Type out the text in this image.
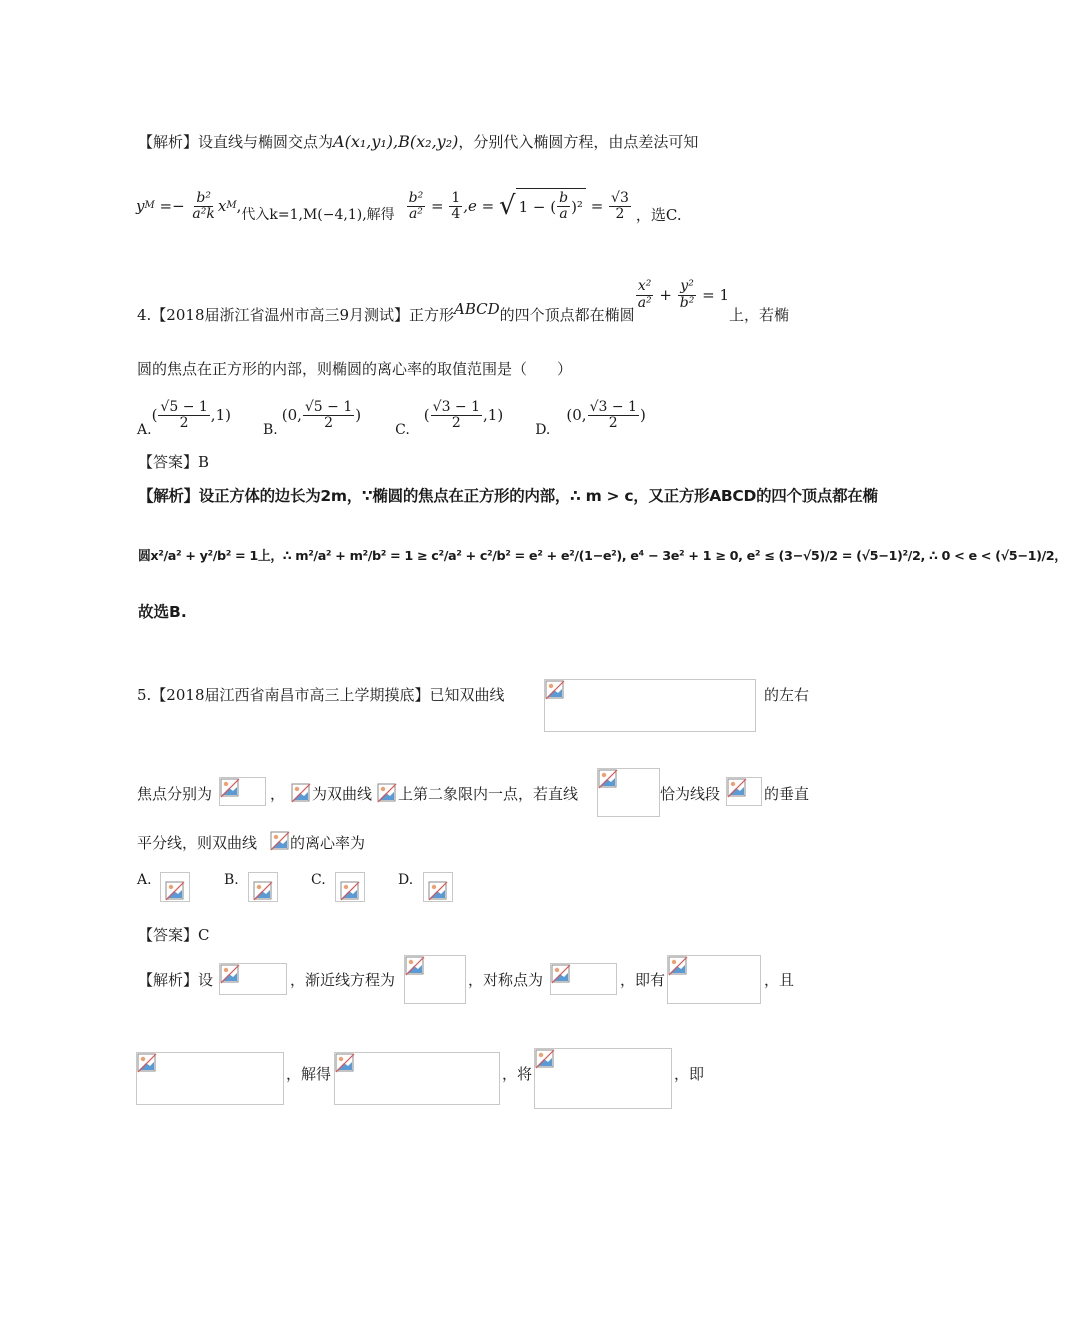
【解析】设直线与椭圆交点为A(x₁,y₁),B(x₂,y₂)，分别代入椭圆方程，由点差法可知
y $M =- \frac{\text{b²}}{\text{a²k}}$ x M , 代入k=1,M(−4,1),解得 $\frac{\text{b²}}{\text{a²}} = \frac{1}{4} ,e$ = √ 1 − ( $\frac{b}{a} )^2 = \frac{√3}{2}$ ，选C.
4.【2018届浙江省温州市高三9月测试】正方形 ABCD 的四个顶点都在椭圆
$\frac{\text{x²}}{\text{a²}} + \frac{\text{y²}}{\text{b²}} = 1$
上，若椭
圆的焦点在正方形的内部，则椭圆的离心率的取值范围是（　　）
A.
( $\frac{√5 - 1}{2} ,1$)
B.
(0, $\frac{√5 - 1}{2}$ )
C.
( $\frac{√3 - 1}{2} ,1$)
D.
(0, $\frac{√3 - 1}{2}$ )
【答案】B
【解析】设正方体的边长为2m，∵椭圆的焦点在正方形的内部，∴ m > c，又正方形ABCD的四个顶点都在椭
圆x²/a² + y²/b² = 1上，∴ m²/a² + m²/b² = 1 ≥ c²/a² + c²/b² = e² + e²/(1−e²), e⁴ − 3e² + 1 ≥ 0, e² ≤ (3−√5)/2 = (√5−1)²/2, ∴ 0 < e < (√5−1)/2，
故选B.
5.【2018届江西省南昌市高三上学期摸底】已知双曲线	的左右
焦点分别为	， 为双曲线 上第二象限内一点，若直线	恰为线段	的垂直
平分线，则双曲线 的离心率为
A.	B.	C.	D.
【答案】C
【解析】设	，渐近线方程为	，对称点为	，即有	，且
，解得	，将	，即
